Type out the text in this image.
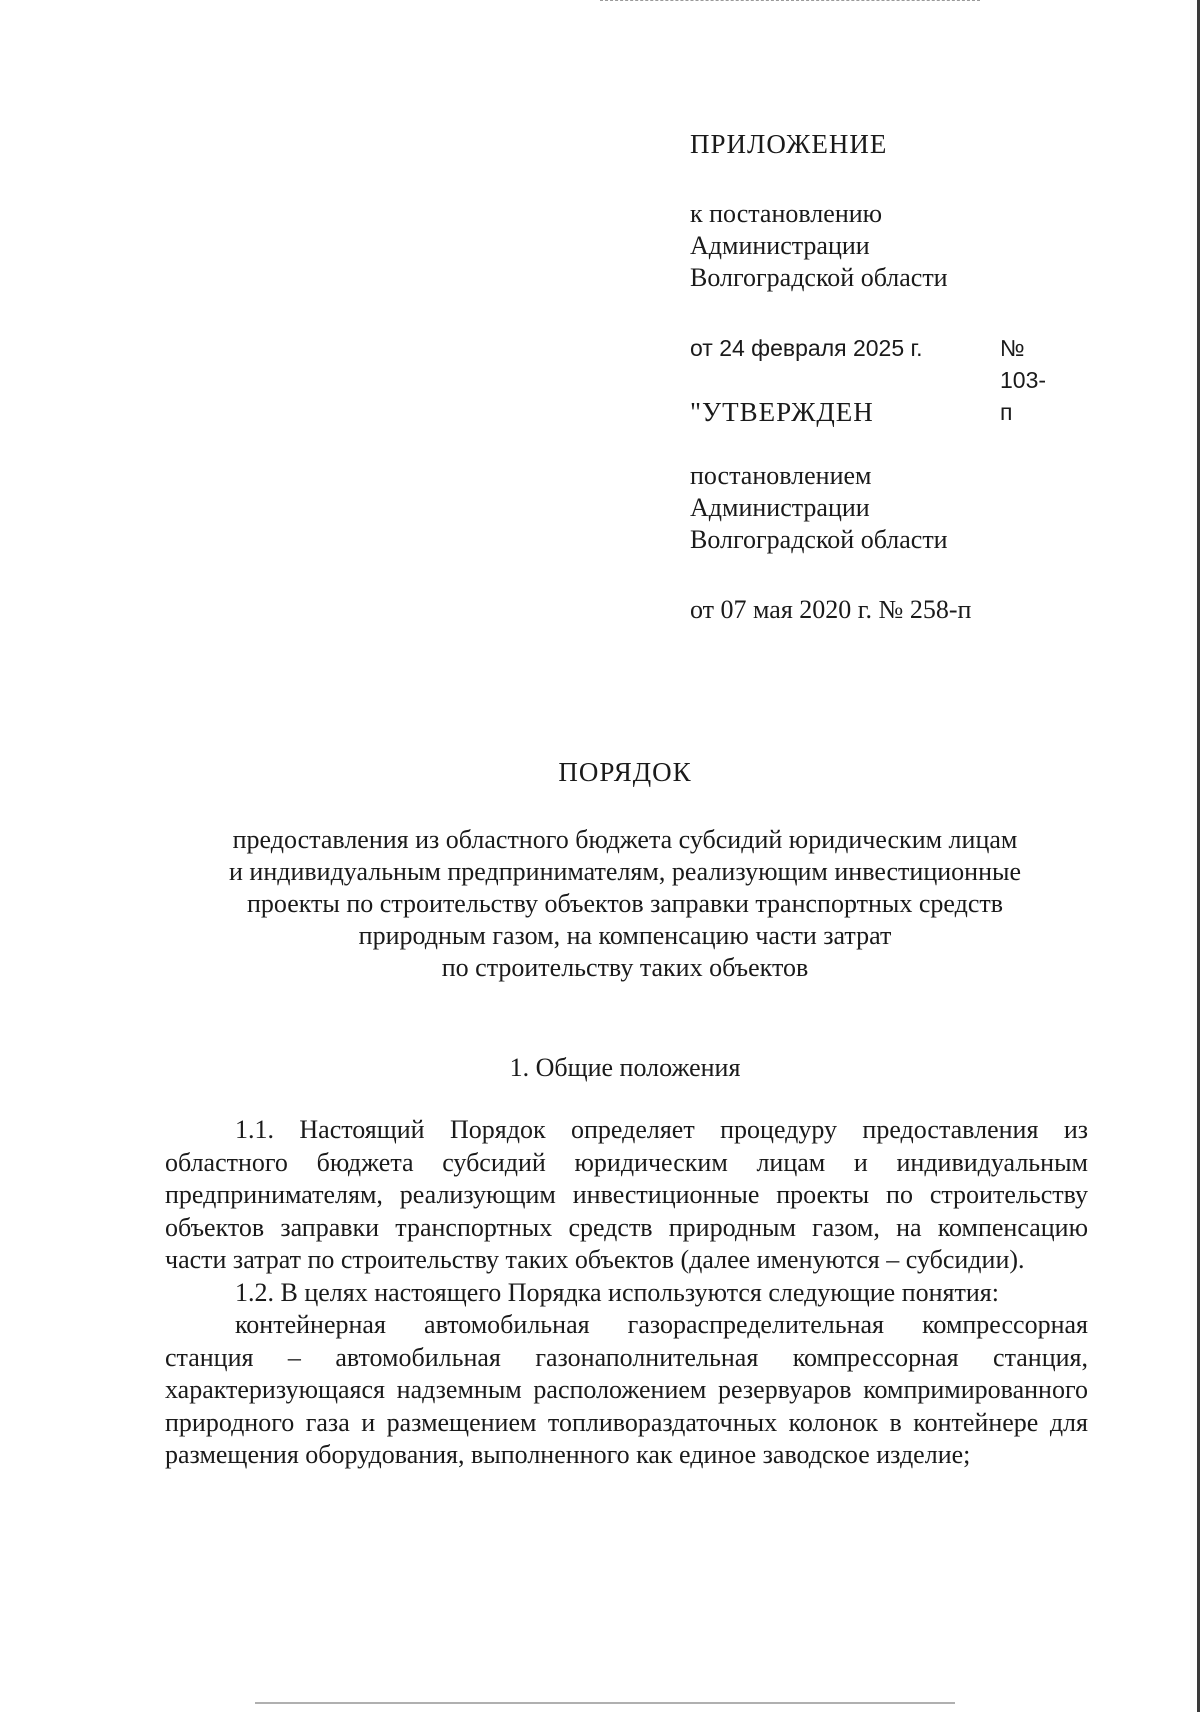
ПРИЛОЖЕНИЕ
к постановлению
Администрации
Волгоградской области
от 24 февраля 2025 г.	№ 103-п
"УТВЕРЖДЕН
постановлением
Администрации
Волгоградской области
от 07 мая 2020 г. № 258-п
ПОРЯДОК
предоставления из областного бюджета субсидий юридическим лицам
и индивидуальным предпринимателям, реализующим инвестиционные
проекты по строительству объектов заправки транспортных средств
природным газом, на компенсацию части затрат
по строительству таких объектов
1. Общие положения

1.1. Настоящий Порядок определяет процедуру предоставления из областного бюджета субсидий юридическим лицам и индивидуальным предпринимателям, реализующим инвестиционные проекты по строительству объектов заправки транспортных средств природным газом, на компенсацию части затрат по строительству таких объектов (далее именуются – субсидии).

1.2. В целях настоящего Порядка используются следующие понятия:

контейнерная автомобильная газораспределительная компрессорная станция – автомобильная газонаполнительная компрессорная станция, характеризующаяся надземным расположением резервуаров компримированного природного газа и размещением топливораздаточных колонок в контейнере для размещения оборудования, выполненного как единое заводское изделие;
